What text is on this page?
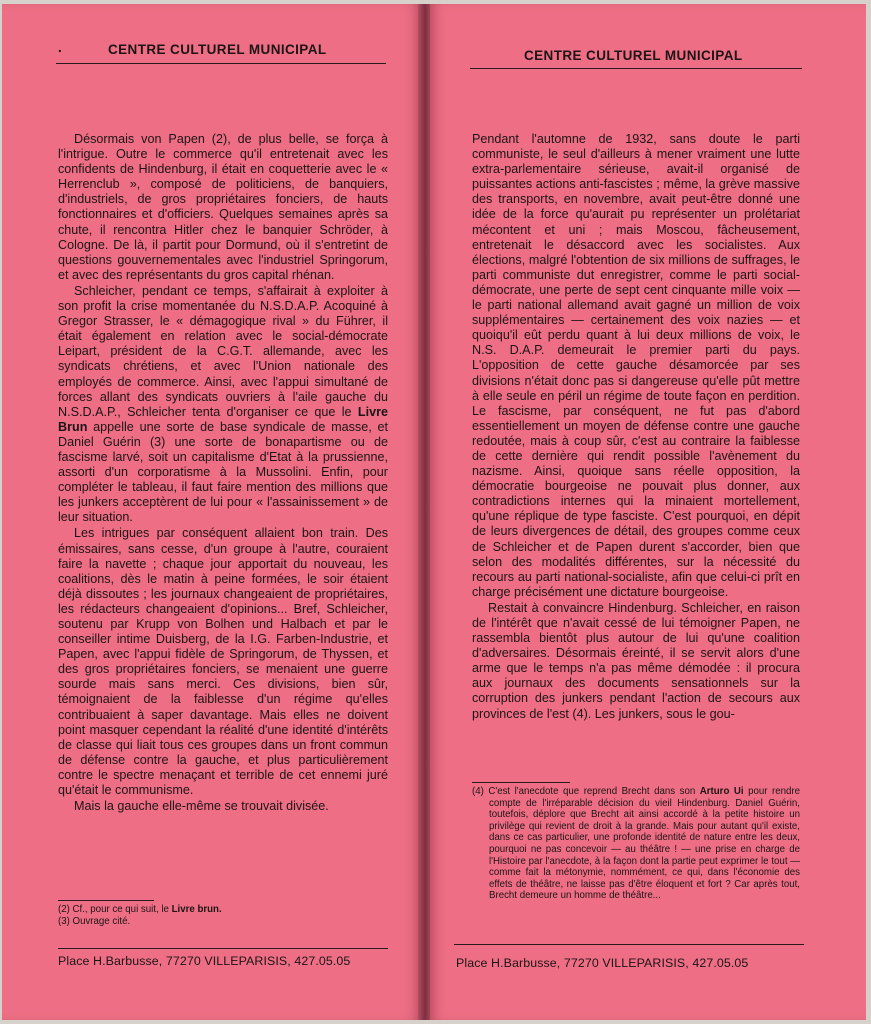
.	CENTRE CULTUREL MUNICIPAL

Désormais von Papen (2), de plus belle, se força à l'intrigue. Outre le commerce qu'il entretenait avec les confidents de Hindenburg, il était en coquetterie avec le « Herrenclub », composé de politiciens, de banquiers, d'industriels, de gros propriétaires fonciers, de hauts fonctionnaires et d'officiers. Quelques semaines après sa chute, il rencontra Hitler chez le banquier Schröder, à Cologne. De là, il partit pour Dormund, où il s'entretint de questions gouvernementales avec l'industriel Springorum, et avec des représentants du gros capital rhénan.

Schleicher, pendant ce temps, s'affairait à exploiter à son profit la crise momentanée du N.S.D.A.P. Acoquiné à Gregor Strasser, le « démagogique rival » du Führer, il était également en relation avec le social-démocrate Leipart, président de la C.G.T. allemande, avec les syndicats chrétiens, et avec l'Union nationale des employés de commerce. Ainsi, avec l'appui simultané de forces allant des syndicats ouvriers à l'aile gauche du N.S.D.A.P., Schleicher tenta d'organiser ce que le Livre Brun appelle une sorte de base syndicale de masse, et Daniel Guérin (3) une sorte de bonapartisme ou de fascisme larvé, soit un capitalisme d'Etat à la prussienne, assorti d'un corporatisme à la Mussolini. Enfin, pour compléter le tableau, il faut faire mention des millions que les junkers acceptèrent de lui pour « l'assainissement » de leur situation.

Les intrigues par conséquent allaient bon train. Des émissaires, sans cesse, d'un groupe à l'autre, couraient faire la navette ; chaque jour apportait du nouveau, les coalitions, dès le matin à peine formées, le soir étaient déjà dissoutes ; les journaux changeaient de propriétaires, les rédacteurs changeaient d'opinions... Bref, Schleicher, soutenu par Krupp von Bolhen und Halbach et par le conseiller intime Duisberg, de la I.G. Farben-Industrie, et Papen, avec l'appui fidèle de Springorum, de Thyssen, et des gros propriétaires fonciers, se menaient une guerre sourde mais sans merci. Ces divisions, bien sûr, témoignaient de la faiblesse d'un régime qu'elles contribuaient à saper davantage. Mais elles ne doivent point masquer cependant la réalité d'une identité d'intérêts de classe qui liait tous ces groupes dans un front commun de défense contre la gauche, et plus particulièrement contre le spectre menaçant et terrible de cet ennemi juré qu'était le communisme.

Mais la gauche elle-même se trouvait divisée.

(2) Cf., pour ce qui suit, le Livre brun.

(3) Ouvrage cité.

Place H.Barbusse, 77270 VILLEPARISIS, 427.05.05
CENTRE CULTUREL MUNICIPAL

Pendant l'automne de 1932, sans doute le parti communiste, le seul d'ailleurs à mener vraiment une lutte extra-parlementaire sérieuse, avait-il organisé de puissantes actions anti-fascistes ; même, la grève massive des transports, en novembre, avait peut-être donné une idée de la force qu'aurait pu représenter un prolétariat mécontent et uni ; mais Moscou, fâcheusement, entretenait le désaccord avec les socialistes. Aux élections, malgré l'obtention de six millions de suffrages, le parti communiste dut enregistrer, comme le parti social-démocrate, une perte de sept cent cinquante mille voix — le parti national allemand avait gagné un million de voix supplémentaires — certainement des voix nazies — et quoiqu'il eût perdu quant à lui deux millions de voix, le N.S. D.A.P. demeurait le premier parti du pays. L'opposition de cette gauche désamorcée par ses divisions n'était donc pas si dangereuse qu'elle pût mettre à elle seule en péril un régime de toute façon en perdition. Le fascisme, par conséquent, ne fut pas d'abord essentiellement un moyen de défense contre une gauche redoutée, mais à coup sûr, c'est au contraire la faiblesse de cette dernière qui rendit possible l'avènement du nazisme. Ainsi, quoique sans réelle opposition, la démocratie bourgeoise ne pouvait plus donner, aux contradictions internes qui la minaient mortellement, qu'une réplique de type fasciste. C'est pourquoi, en dépit de leurs divergences de détail, des groupes comme ceux de Schleicher et de Papen durent s'accorder, bien que selon des modalités différentes, sur la nécessité du recours au parti national-socialiste, afin que celui-ci prît en charge précisément une dictature bourgeoise.

Restait à convaincre Hindenburg. Schleicher, en raison de l'intérêt que n'avait cessé de lui témoigner Papen, ne rassembla bientôt plus autour de lui qu'une coalition d'adversaires. Désormais éreinté, il se servit alors d'une arme que le temps n'a pas même démodée : il procura aux journaux des documents sensationnels sur la corruption des junkers pendant l'action de secours aux provinces de l'est (4). Les junkers, sous le gou-

(4) C'est l'anecdote que reprend Brecht dans son Arturo Ui pour rendre compte de l'irréparable décision du vieil Hindenburg. Daniel Guérin, toutefois, déplore que Brecht ait ainsi accordé à la petite histoire un privilège qui revient de droit à la grande. Mais pour autant qu'il existe, dans ce cas particulier, une profonde identité de nature entre les deux, pourquoi ne pas concevoir — au théâtre ! — une prise en charge de l'Histoire par l'anecdote, à la façon dont la partie peut exprimer le tout — comme fait la métonymie, nommément, ce qui, dans l'économie des effets de théâtre, ne laisse pas d'être éloquent et fort ? Car après tout, Brecht demeure un homme de théâtre...

Place H.Barbusse, 77270 VILLEPARISIS, 427.05.05
